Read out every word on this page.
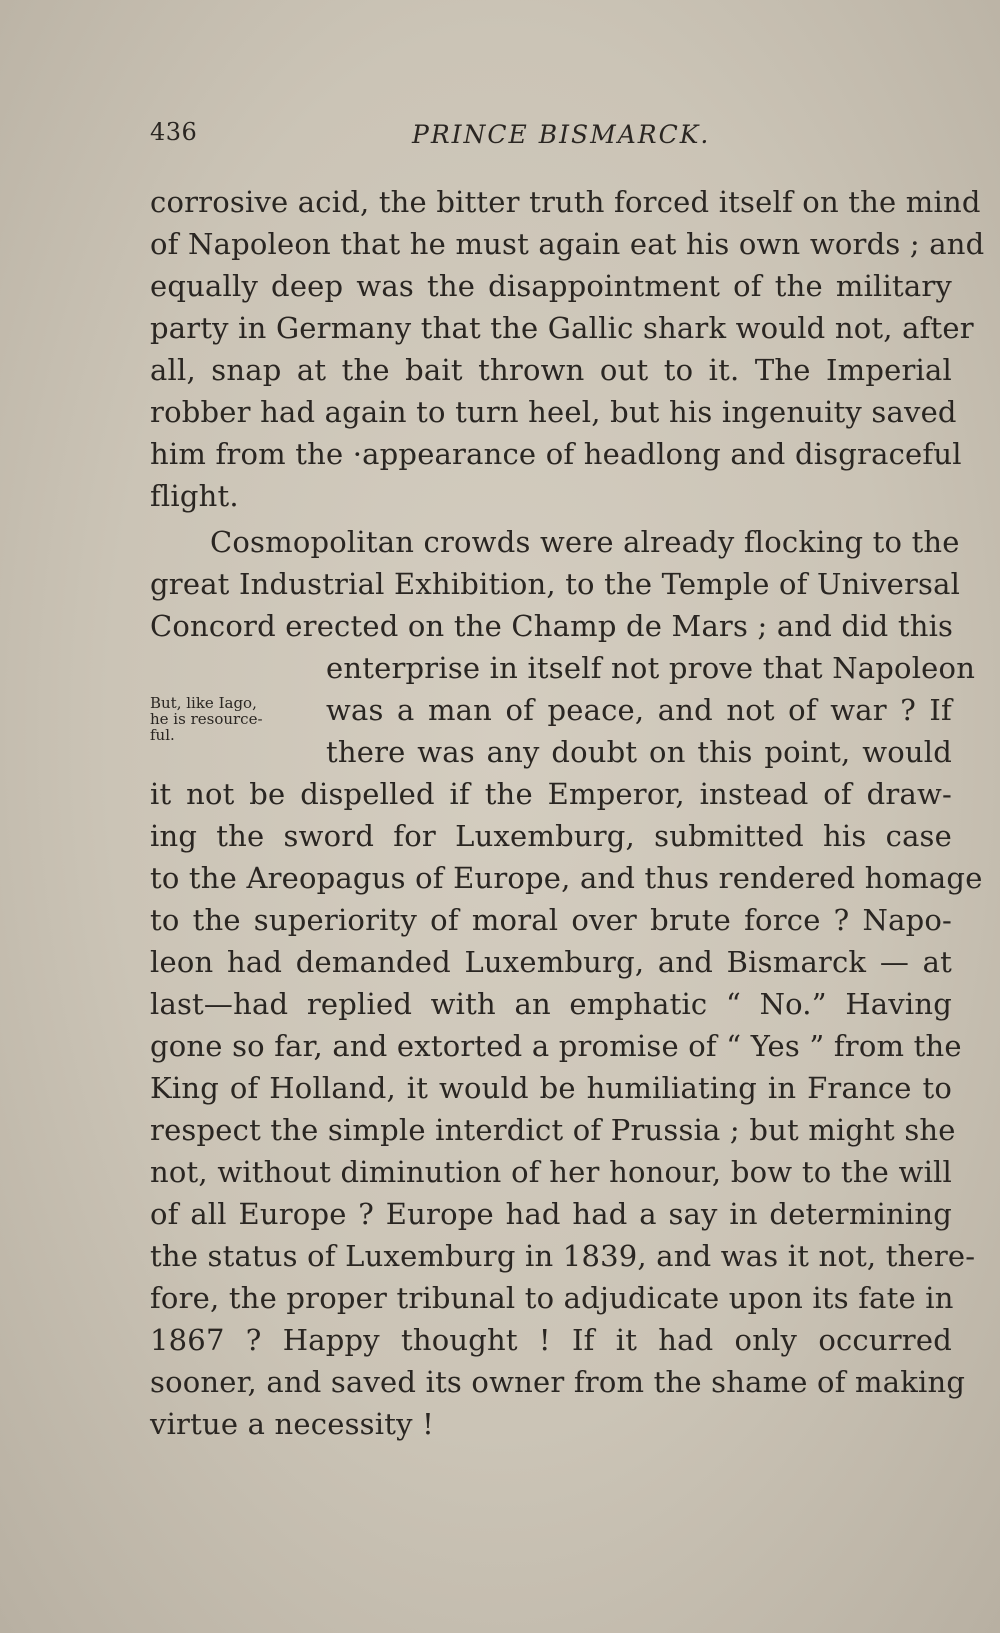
436	PRINCE BISMARCK.
But, like Iago,
he is resource-
ful.
corrosive acid, the bitter truth forced itself on the mind
of Napoleon that he must again eat his own words ; and
equally deep was the disappointment of the military
party in Germany that the Gallic shark would not, after
all, snap at the bait thrown out to it. The Imperial
robber had again to turn heel, but his ingenuity saved
him from the ·appearance of headlong and disgraceful
flight.
Cosmopolitan crowds were already flocking to the
great Industrial Exhibition, to the Temple of Universal
Concord erected on the Champ de Mars ; and did this
enterprise in itself not prove that Napoleon
was a man of peace, and not of war ? If
there was any doubt on this point, would
it not be dispelled if the Emperor, instead of draw-
ing the sword for Luxemburg, submitted his case
to the Areopagus of Europe, and thus rendered homage
to the superiority of moral over brute force ? Napo-
leon had demanded Luxemburg, and Bismarck — at
last—had replied with an emphatic “ No.” Having
gone so far, and extorted a promise of “ Yes ” from the
King of Holland, it would be humiliating in France to
respect the simple interdict of Prussia ; but might she
not, without diminution of her honour, bow to the will
of all Europe ? Europe had had a say in determining
the status of Luxemburg in 1839, and was it not, there-
fore, the proper tribunal to adjudicate upon its fate in
1867 ? Happy thought ! If it had only occurred
sooner, and saved its owner from the shame of making
virtue a necessity !
